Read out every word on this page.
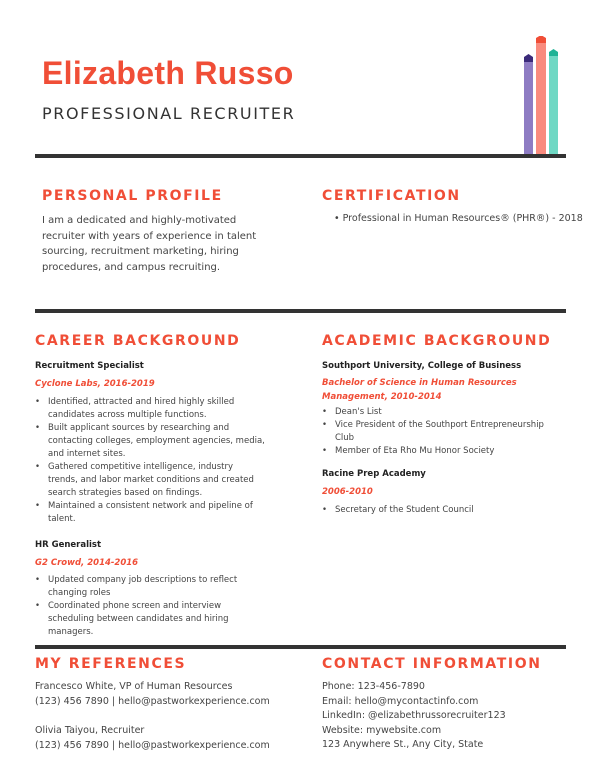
Elizabeth Russo
PROFESSIONAL RECRUITER
PERSONAL PROFILE
I am a dedicated and highly-motivated recruiter with years of experience in talent sourcing, recruitment marketing, hiring procedures, and campus recruiting.
CERTIFICATION
• Professional in Human Resources® (PHR®) - 2018
CAREER BACKGROUND
Recruitment Specialist
Cyclone Labs, 2016-2019
• Identified, attracted and hired highly skilled candidates across multiple functions.
• Built applicant sources by researching and contacting colleges, employment agencies, media, and internet sites.
• Gathered competitive intelligence, industry trends, and labor market conditions and created search strategies based on findings.
• Maintained a consistent network and pipeline of talent.
HR Generalist
G2 Crowd, 2014-2016
• Updated company job descriptions to reflect changing roles
• Coordinated phone screen and interview scheduling between candidates and hiring managers.
ACADEMIC BACKGROUND
Southport University, College of Business
Bachelor of Science in Human Resources Management, 2010-2014
• Dean's List
• Vice President of the Southport Entrepreneurship Club
• Member of Eta Rho Mu Honor Society
Racine Prep Academy
2006-2010
• Secretary of the Student Council
MY REFERENCES
Francesco White, VP of Human Resources
(123) 456 7890 | hello@pastworkexperience.com
Olivia Taiyou, Recruiter
(123) 456 7890 | hello@pastworkexperience.com
CONTACT INFORMATION
Phone: 123-456-7890
Email: hello@mycontactinfo.com
LinkedIn: @elizabethrussorecruiter123
Website: mywebsite.com
123 Anywhere St., Any City, State
